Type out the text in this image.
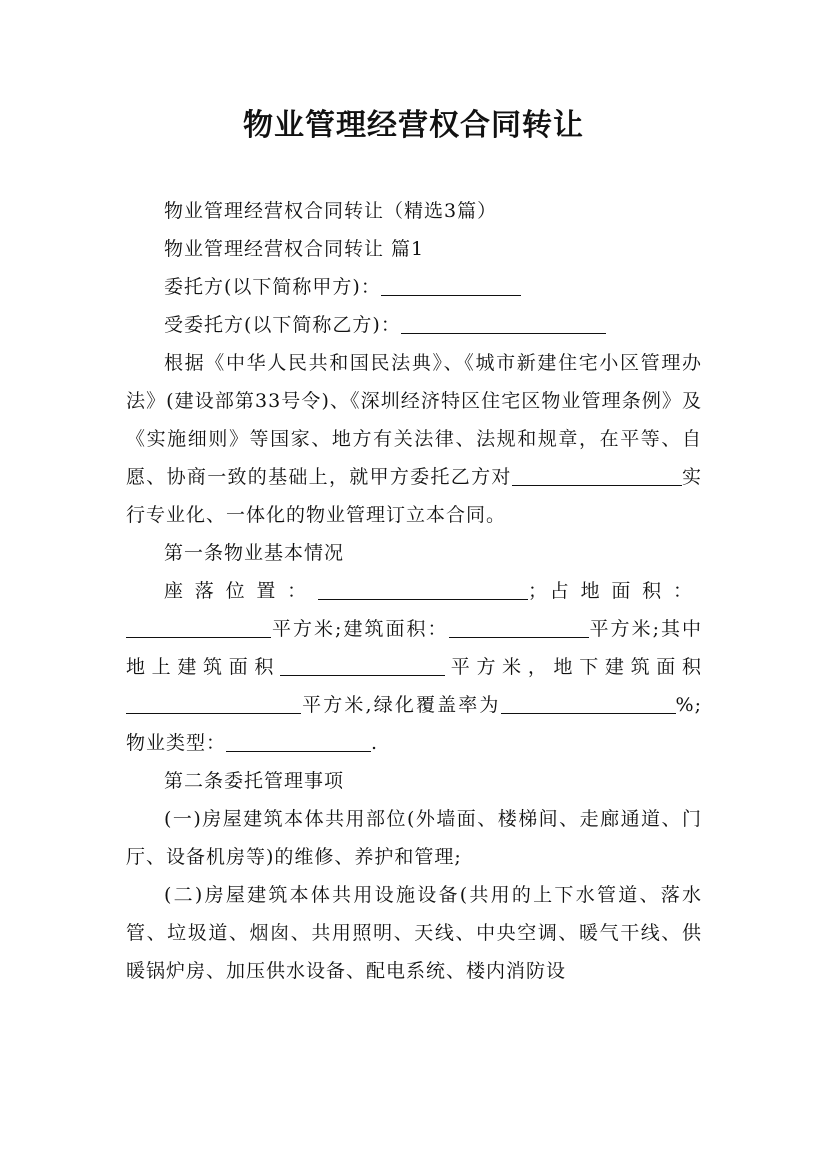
物业管理经营权合同转让

物业管理经营权合同转让（精选3篇）

物业管理经营权合同转让 篇1

委托方(以下简称甲方)：

受委托方(以下简称乙方)：

根据《中华人民共和国民法典》、《城市新建住宅小区管理办法》(建设部第33号令)、《深圳经济特区住宅区物业管理条例》及《实施细则》等国家、地方有关法律、法规和规章，在平等、自愿、协商一致的基础上，就甲方委托乙方对	实行专业化、一体化的物业管理订立本合同。

第一条物业基本情况

座落位置：	；占地面积：平方米;建筑面积：	平方米;其中地上建筑面积	平方米，地下建筑面积平方米,绿化覆盖率为	%;物业类型：	.

第二条委托管理事项

(一)房屋建筑本体共用部位(外墙面、楼梯间、走廊通道、门厅、设备机房等)的维修、养护和管理;

(二)房屋建筑本体共用设施设备(共用的上下水管道、落水管、垃圾道、烟囱、共用照明、天线、中央空调、暖气干线、供暖锅炉房、加压供水设备、配电系统、楼内消防设
